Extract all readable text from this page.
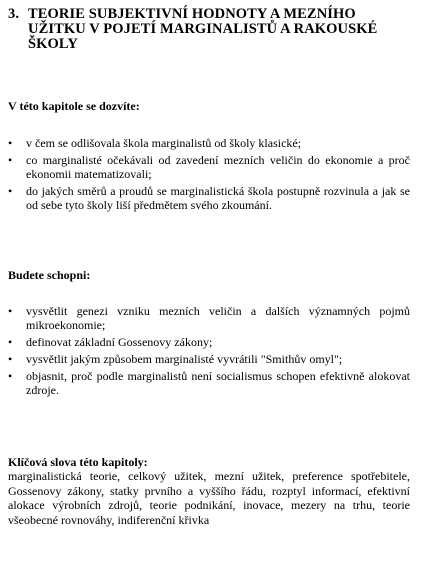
3. TEORIE SUBJEKTIVNÍ HODNOTY A MEZNÍHO
UŽITKU V POJETÍ MARGINALISTŮ A RAKOUSKÉ
ŠKOLY

V této kapitole se dozvíte:

•	v čem se odlišovala škola marginalistů od školy klasické;
•	co marginalisté očekávali od zavedení mezních veličin do ekonomie a proč ekonomii matematizovali;
•	do jakých směrů a proudů se marginalistická škola postupně rozvinula a jak se od sebe tyto školy liší předmětem svého zkoumání.

Budete schopni:

•	vysvětlit genezi vzniku mezních veličin a dalších významných pojmů mikroekonomie;
•	definovat základní Gossenovy zákony;
•	vysvětlit jakým způsobem marginalisté vyvrátili "Smithův omyl";
•	objasnit, proč podle marginalistů není socialismus schopen efektivně alokovat zdroje.

Klíčová slova této kapitoly:

marginalistická teorie, celkový užitek, mezní užitek, preference spotřebitele, Gossenovy zákony, statky prvního a vyššího řádu, rozptyl informací, efektivní alokace výrobních zdrojů, teorie podnikání, inovace, mezery na trhu, teorie všeobecné rovnováhy, indiferenční křivka
